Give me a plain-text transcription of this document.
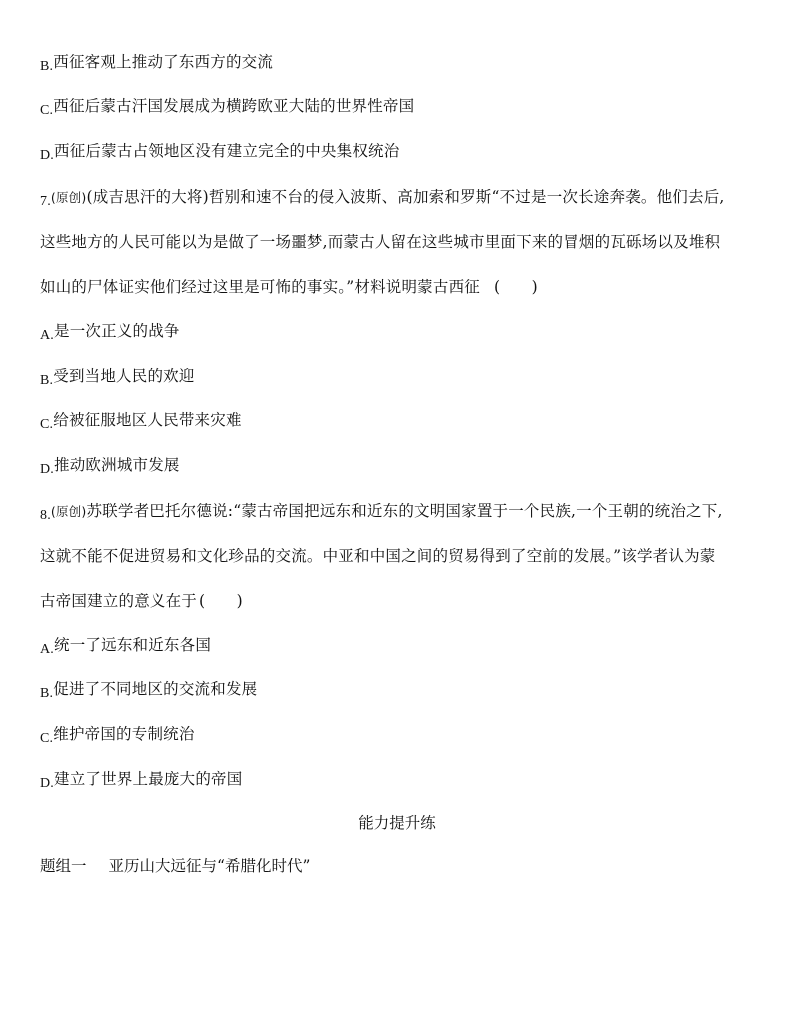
B.西征客观上推动了东西方的交流
C.西征后蒙古汗国发展成为横跨欧亚大陆的世界性帝国
D.西征后蒙古占领地区没有建立完全的中央集权统治
7.(原创)(成吉思汗的大将)哲别和速不台的侵入波斯、高加索和罗斯“不过是一次长途奔袭。他们去后,
这些地方的人民可能以为是做了一场噩梦,而蒙古人留在这些城市里面下来的冒烟的瓦砾场以及堆积
如山的尸体证实他们经过这里是可怖的事实。”材料说明蒙古西征 (　　)
A.是一次正义的战争
B.受到当地人民的欢迎
C.给被征服地区人民带来灾难
D.推动欧洲城市发展
8.(原创)苏联学者巴托尔德说:“蒙古帝国把远东和近东的文明国家置于一个民族,一个王朝的统治之下,
这就不能不促进贸易和文化珍品的交流。中亚和中国之间的贸易得到了空前的发展。”该学者认为蒙
古帝国建立的意义在于 (　　)
A.统一了远东和近东各国
B.促进了不同地区的交流和发展
C.维护帝国的专制统治
D.建立了世界上最庞大的帝国
能力提升练
题组一 亚历山大远征与“希腊化时代”
